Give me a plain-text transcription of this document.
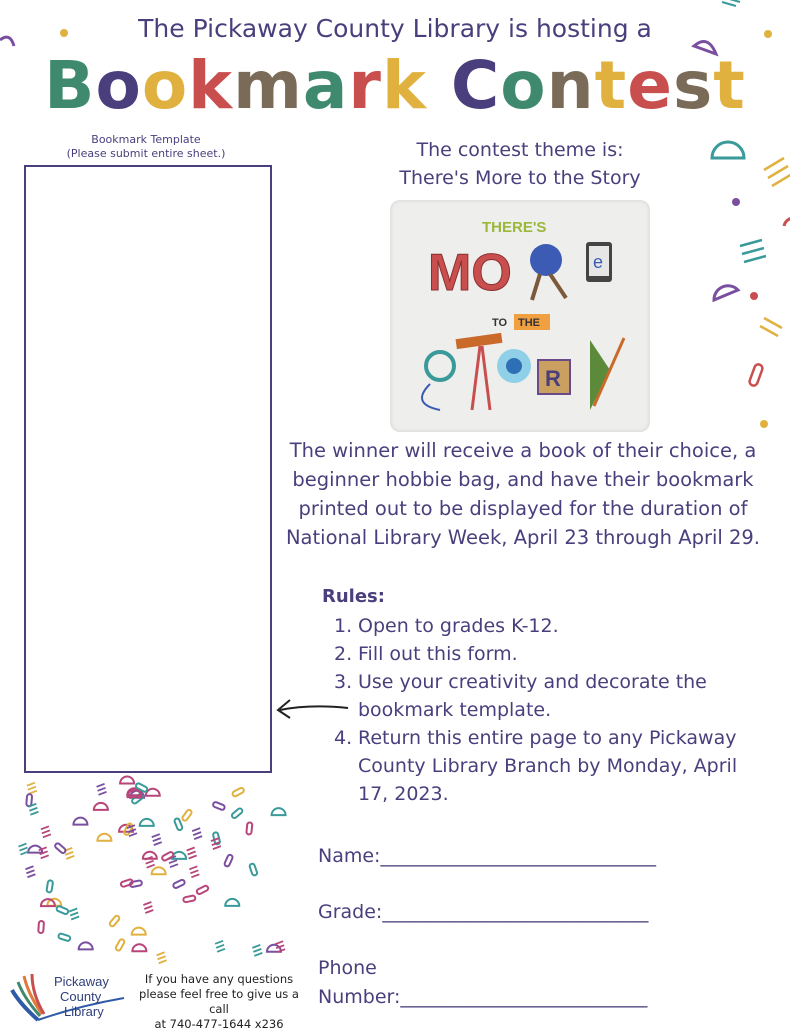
The Pickaway County Library is hosting a
Bookmark Contest
Bookmark Template
(Please submit entire sheet.)	The contest theme is:
There's More to the Story
THERE'S
MO	e
TO THE
R
The winner will receive a book of their choice, a beginner hobbie bag, and have their bookmark printed out to be displayed for the duration of National Library Week, April 23 through April 29.
Rules:
1. Open to grades K-12.
2. Fill out this form.
3. Use your creativity and decorate the bookmark template.
4. Return this entire page to any Pickaway County Library Branch by Monday, April 17, 2023.
Name:_____________________________
Grade:____________________________
Phone
Number:__________________________
Pickaway
County
Library
If you have any questions
please feel free to give us a call
at 740-477-1644 x236
